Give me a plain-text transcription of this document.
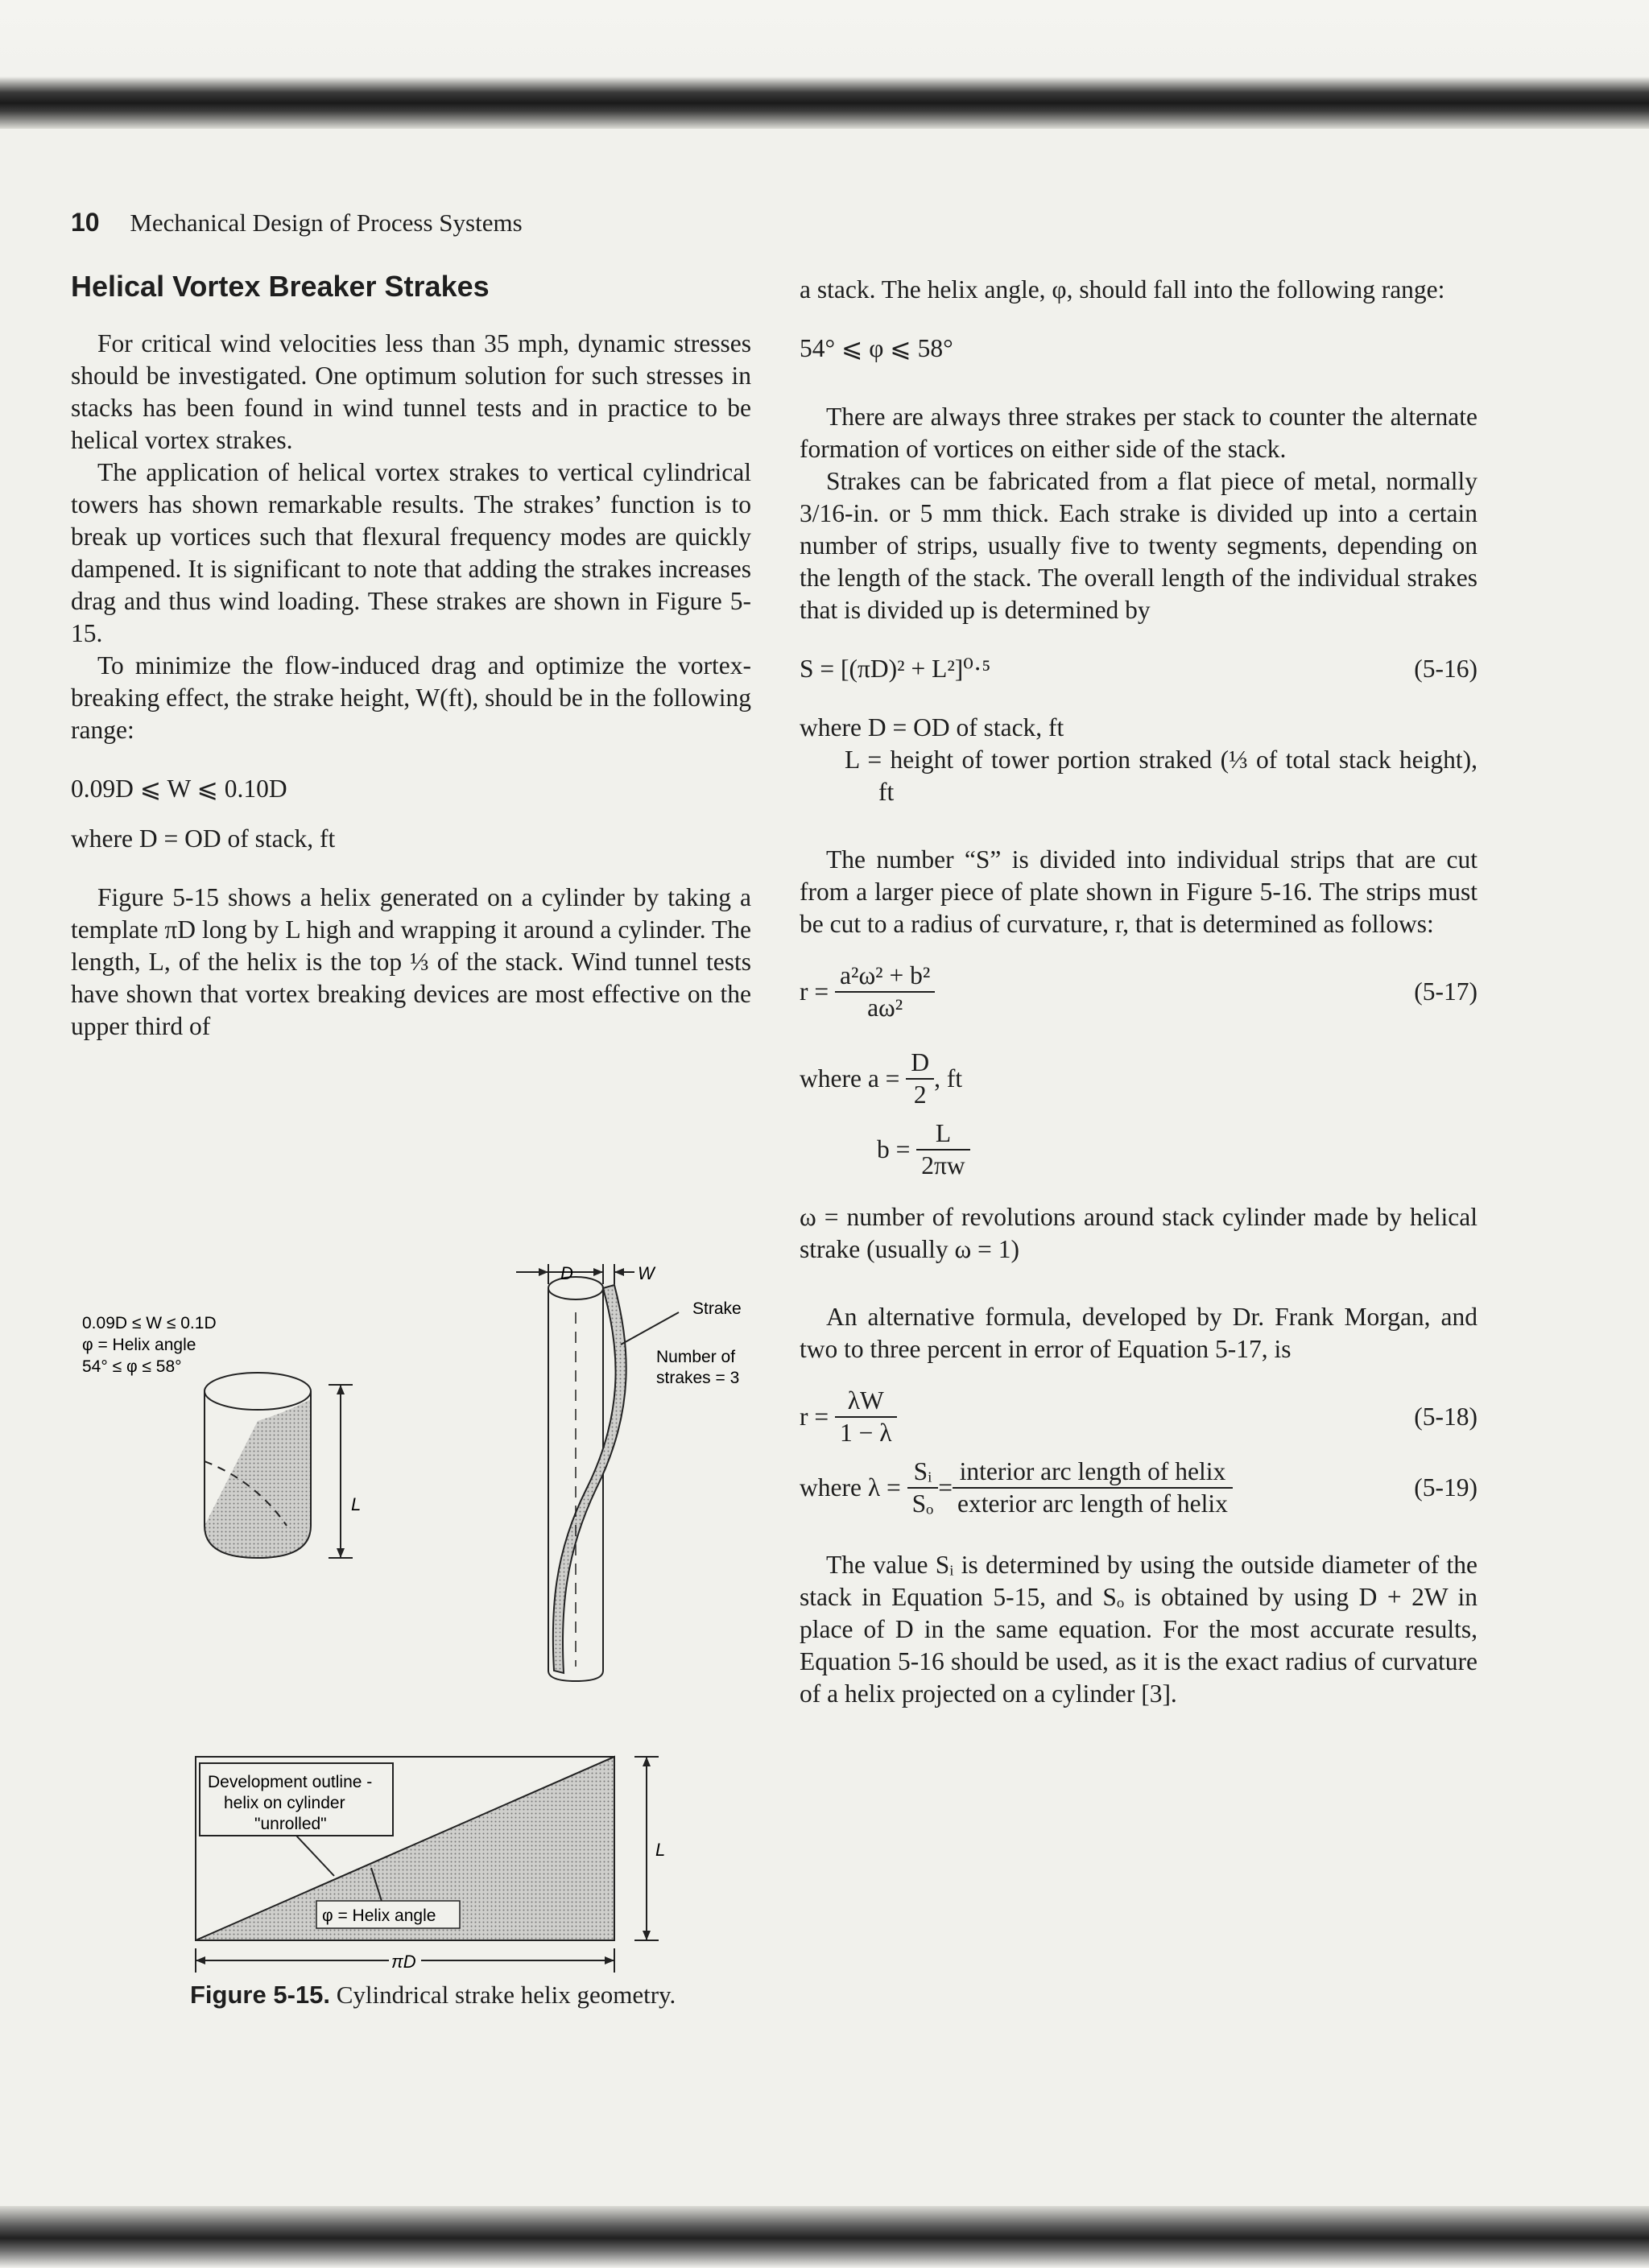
10 Mechanical Design of Process Systems
Helical Vortex Breaker Strakes

For critical wind velocities less than 35 mph, dynamic stresses should be investigated. One optimum solution for such stresses in stacks has been found in wind tunnel tests and in practice to be helical vortex strakes.

The application of helical vortex strakes to vertical cylindrical towers has shown remarkable results. The strakes’ function is to break up vortices such that flexural frequency modes are quickly dampened. It is significant to note that adding the strakes increases drag and thus wind loading. These strakes are shown in Figure 5-15.

To minimize the flow-induced drag and optimize the vortex-breaking effect, the strake height, W(ft), should be in the following range:

0.09D ⩽ W ⩽ 0.10D
where D = OD of stack, ft

Figure 5-15 shows a helix generated on a cylinder by taking a template πD long by L high and wrapping it around a cylinder. The length, L, of the helix is the top ⅓ of the stack. Wind tunnel tests have shown that vortex breaking devices are most effective on the upper third of

0.09D ≤ W ≤ 0.1D
φ = Helix angle
54° ≤ φ ≤ 58°
L
D	W
Strake
Number of
strakes = 3
Development outline -
helix on cylinder
"unrolled"
φ = Helix angle
L
πD
Figure 5-15. Cylindrical strake helix geometry.

a stack. The helix angle, φ, should fall into the following range:

54° ⩽ φ ⩽ 58°

There are always three strakes per stack to counter the alternate formation of vortices on either side of the stack.

Strakes can be fabricated from a flat piece of metal, normally 3/16-in. or 5 mm thick. Each strake is divided up into a certain number of strips, usually five to twenty segments, depending on the length of the stack. The overall length of the individual strakes that is divided up is determined by

S = [(πD)² + L²]⁰·⁵	(5-16)
where D = OD of stack, ft
L = height of tower portion straked (⅓ of total stack height), ft

The number “S” is divided into individual strips that are cut from a larger piece of plate shown in Figure 5-16. The strips must be cut to a radius of curvature, r, that is determined as follows:

r =
$\frac{\text{a²ω² + b²}}{\text{aω²}}$	(5-17)
where a =
$\frac{D}{2}$ , ft
b =
$\frac{L}{2\pi w}$

ω = number of revolutions around stack cylinder made by helical strake (usually ω = 1)

An alternative formula, developed by Dr. Frank Morgan, and two to three percent in error of Equation 5-17, is

r =
$\frac{\lambda W}{1 - \lambda}$	(5-18)
where λ =
$\frac{\text{Sᵢ}}{\text{Sₒ}} = \frac{\text{interior arc length of helix}}{\text{exterior arc length of helix}}$	(5-19)

The value Sᵢ is determined by using the outside diameter of the stack in Equation 5-15, and Sₒ is obtained by using D + 2W in place of D in the same equation. For the most accurate results, Equation 5-16 should be used, as it is the exact radius of curvature of a helix projected on a cylinder [3].
